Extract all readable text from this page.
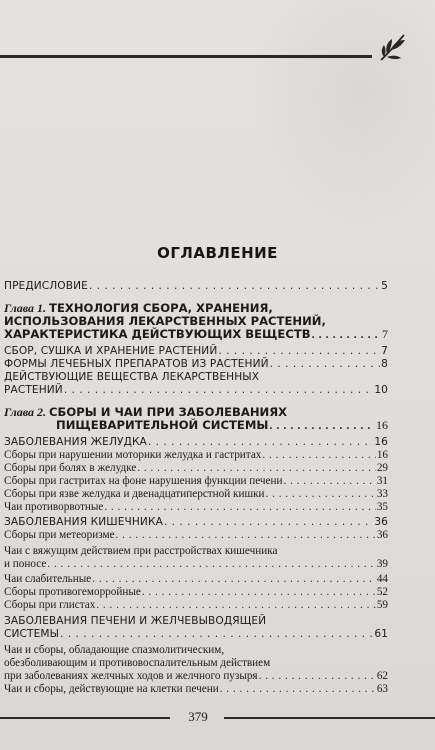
ОГЛАВЛЕНИЕ
ПРЕДИСЛОВИЕ . . .	5
Глава 1. ТЕХНОЛОГИЯ СБОРА, ХРАНЕНИЯ,
ИСПОЛЬЗОВАНИЯ ЛЕКАРСТВЕННЫХ РАСТЕНИЙ,
ХАРАКТЕРИСТИКА ДЕЙСТВУЮЩИХ ВЕЩЕСТВ . . .	7
СБОР, СУШКА И ХРАНЕНИЕ РАСТЕНИЙ . . .	7
ФОРМЫ ЛЕЧЕБНЫХ ПРЕПАРАТОВ ИЗ РАСТЕНИЙ . . .	8
ДЕЙСТВУЮЩИЕ ВЕЩЕСТВА ЛЕКАРСТВЕННЫХ
РАСТЕНИЙ . . .	10
Глава 2. СБОРЫ И ЧАИ ПРИ ЗАБОЛЕВАНИЯХ
ПИЩЕВАРИТЕЛЬНОЙ СИСТЕМЫ . . .	16
ЗАБОЛЕВАНИЯ ЖЕЛУДКА . . .	16
Сборы при нарушении моторики желудка и гастритах . . .	16
Сборы при болях в желудке . . .	29
Сборы при гастритах на фоне нарушения функции печени . . .	31
Сборы при язве желудка и двенадцатиперстной кишки . . .	33
Чаи противорвотные . . .	35
ЗАБОЛЕВАНИЯ КИШЕЧНИКА . . .	36
Сборы при метеоризме . . .	36
Чаи с вяжущим действием при расстройствах кишечника
и поносе . . .	39
Чаи слабительные . . .	44
Сборы противогеморройные . . .	52
Сборы при глистах . . .	59
ЗАБОЛЕВАНИЯ ПЕЧЕНИ И ЖЕЛЧЕВЫВОДЯЩЕЙ
СИСТЕМЫ . . .	61
Чаи и сборы, обладающие спазмолитическим,
обезболивающим и противовоспалительным действием
при заболеваниях желчных ходов и желчного пузыря . . .	62
Чаи и сборы, действующие на клетки печени . . .	63
379
